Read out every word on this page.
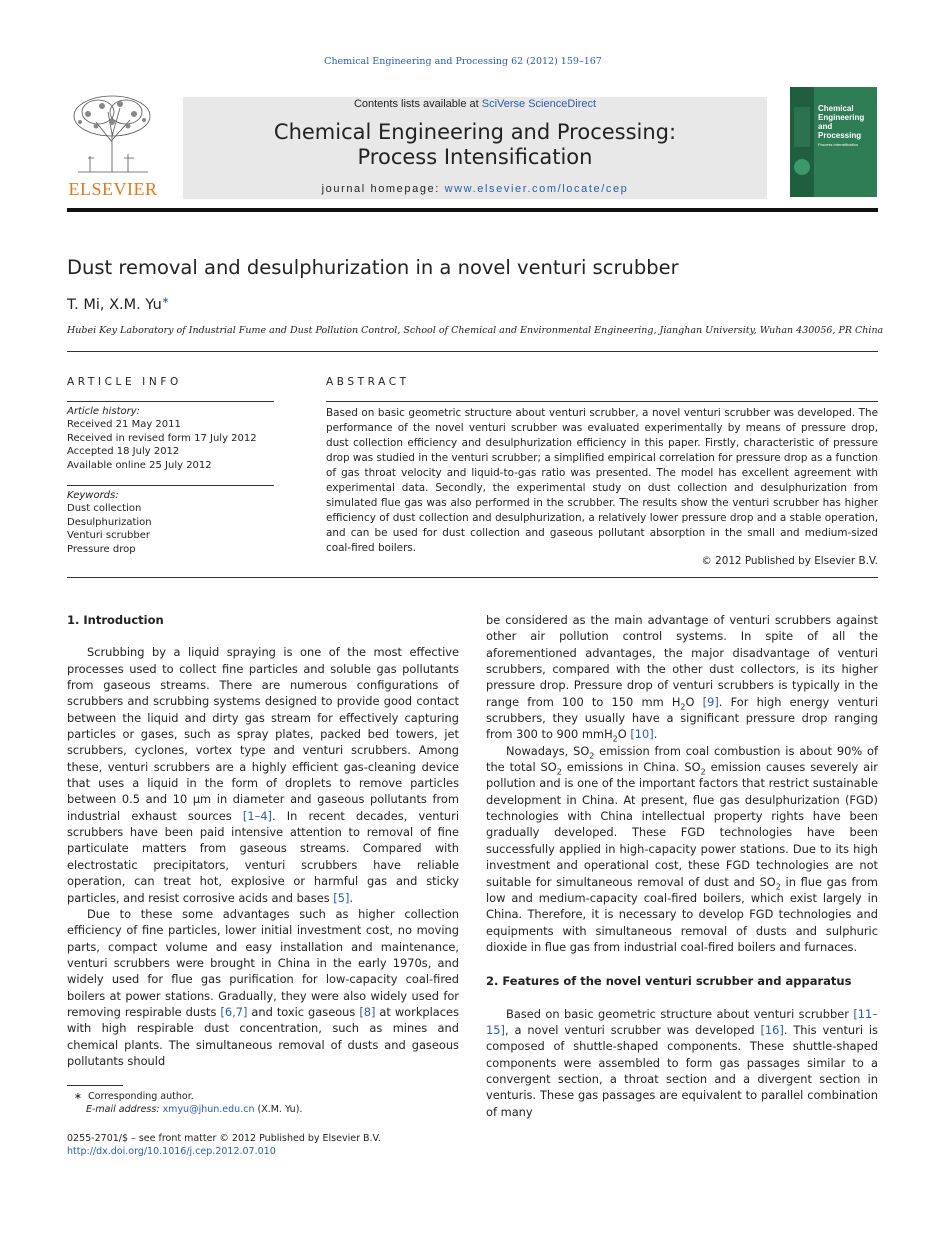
Chemical Engineering and Processing 62 (2012) 159–167
ELSEVIER
Contents lists available at SciVerse ScienceDirect
Chemical Engineering and Processing:
Process Intensification
journal homepage: www.elsevier.com/locate/cep
Chemical
Engineering
and
Processing
Process Intensification
Dust removal and desulphurization in a novel venturi scrubber
T. Mi, X.M. Yu∗
Hubei Key Laboratory of Industrial Fume and Dust Pollution Control, School of Chemical and Environmental Engineering, Jianghan University, Wuhan 430056, PR China
ARTICLE INFO
Article history:
Received 21 May 2011
Received in revised form 17 July 2012
Accepted 18 July 2012
Available online 25 July 2012
Keywords:
Dust collection
Desulphurization
Venturi scrubber
Pressure drop
ABSTRACT
Based on basic geometric structure about venturi scrubber, a novel venturi scrubber was developed. The performance of the novel venturi scrubber was evaluated experimentally by means of pressure drop, dust collection efficiency and desulphurization efficiency in this paper. Firstly, characteristic of pressure drop was studied in the venturi scrubber; a simplified empirical correlation for pressure drop as a function of gas throat velocity and liquid-to-gas ratio was presented. The model has excellent agreement with experimental data. Secondly, the experimental study on dust collection and desulphurization from simulated flue gas was also performed in the scrubber. The results show the venturi scrubber has higher efficiency of dust collection and desulphurization, a relatively lower pressure drop and a stable operation, and can be used for dust collection and gaseous pollutant absorption in the small and medium-sized coal-fired boilers.
© 2012 Published by Elsevier B.V.
1. Introduction

Scrubbing by a liquid spraying is one of the most effective processes used to collect fine particles and soluble gas pollutants from gaseous streams. There are numerous configurations of scrubbers and scrubbing systems designed to provide good contact between the liquid and dirty gas stream for effectively capturing particles or gases, such as spray plates, packed bed towers, jet scrubbers, cyclones, vortex type and venturi scrubbers. Among these, venturi scrubbers are a highly efficient gas-cleaning device that uses a liquid in the form of droplets to remove particles between 0.5 and 10 μm in diameter and gaseous pollutants from industrial exhaust sources [1–4]. In recent decades, venturi scrubbers have been paid intensive attention to removal of fine particulate matters from gaseous streams. Compared with electrostatic precipitators, venturi scrubbers have reliable operation, can treat hot, explosive or harmful gas and sticky particles, and resist corrosive acids and bases [5].

Due to these some advantages such as higher collection efficiency of fine particles, lower initial investment cost, no moving parts, compact volume and easy installation and maintenance, venturi scrubbers were brought in China in the early 1970s, and widely used for flue gas purification for low-capacity coal-fired boilers at power stations. Gradually, they were also widely used for removing respirable dusts [6,7] and toxic gaseous [8] at workplaces with high respirable dust concentration, such as mines and chemical plants. The simultaneous removal of dusts and gaseous pollutants should

be considered as the main advantage of venturi scrubbers against other air pollution control systems. In spite of all the aforementioned advantages, the major disadvantage of venturi scrubbers, compared with the other dust collectors, is its higher pressure drop. Pressure drop of venturi scrubbers is typically in the range from 100 to 150 mm $H_2O$ [9]. For high energy venturi scrubbers, they usually have a significant pressure drop ranging from 300 to 900 mmH$_2$O [10].

Nowadays, $SO_2$ emission from coal combustion is about 90% of the total $SO_2$ emissions in China. $SO_2$ emission causes severely air pollution and is one of the important factors that restrict sustainable development in China. At present, flue gas desulphurization (FGD) technologies with China intellectual property rights have been gradually developed. These FGD technologies have been successfully applied in high-capacity power stations. Due to its high investment and operational cost, these FGD technologies are not suitable for simultaneous removal of dust and $SO_2$ in flue gas from low and medium-capacity coal-fired boilers, which exist largely in China. Therefore, it is necessary to develop FGD technologies and equipments with simultaneous removal of dusts and sulphuric dioxide in flue gas from industrial coal-fired boilers and furnaces.

2. Features of the novel venturi scrubber and apparatus

Based on basic geometric structure about venturi scrubber [11–15], a novel venturi scrubber was developed [16]. This venturi is composed of shuttle-shaped components. These shuttle-shaped components were assembled to form gas passages similar to a convergent section, a throat section and a divergent section in venturis. These gas passages are equivalent to parallel combination of many

∗ Corresponding author.
E-mail address: xmyu@jhun.edu.cn (X.M. Yu).
0255-2701/$ – see front matter © 2012 Published by Elsevier B.V.
http://dx.doi.org/10.1016/j.cep.2012.07.010
